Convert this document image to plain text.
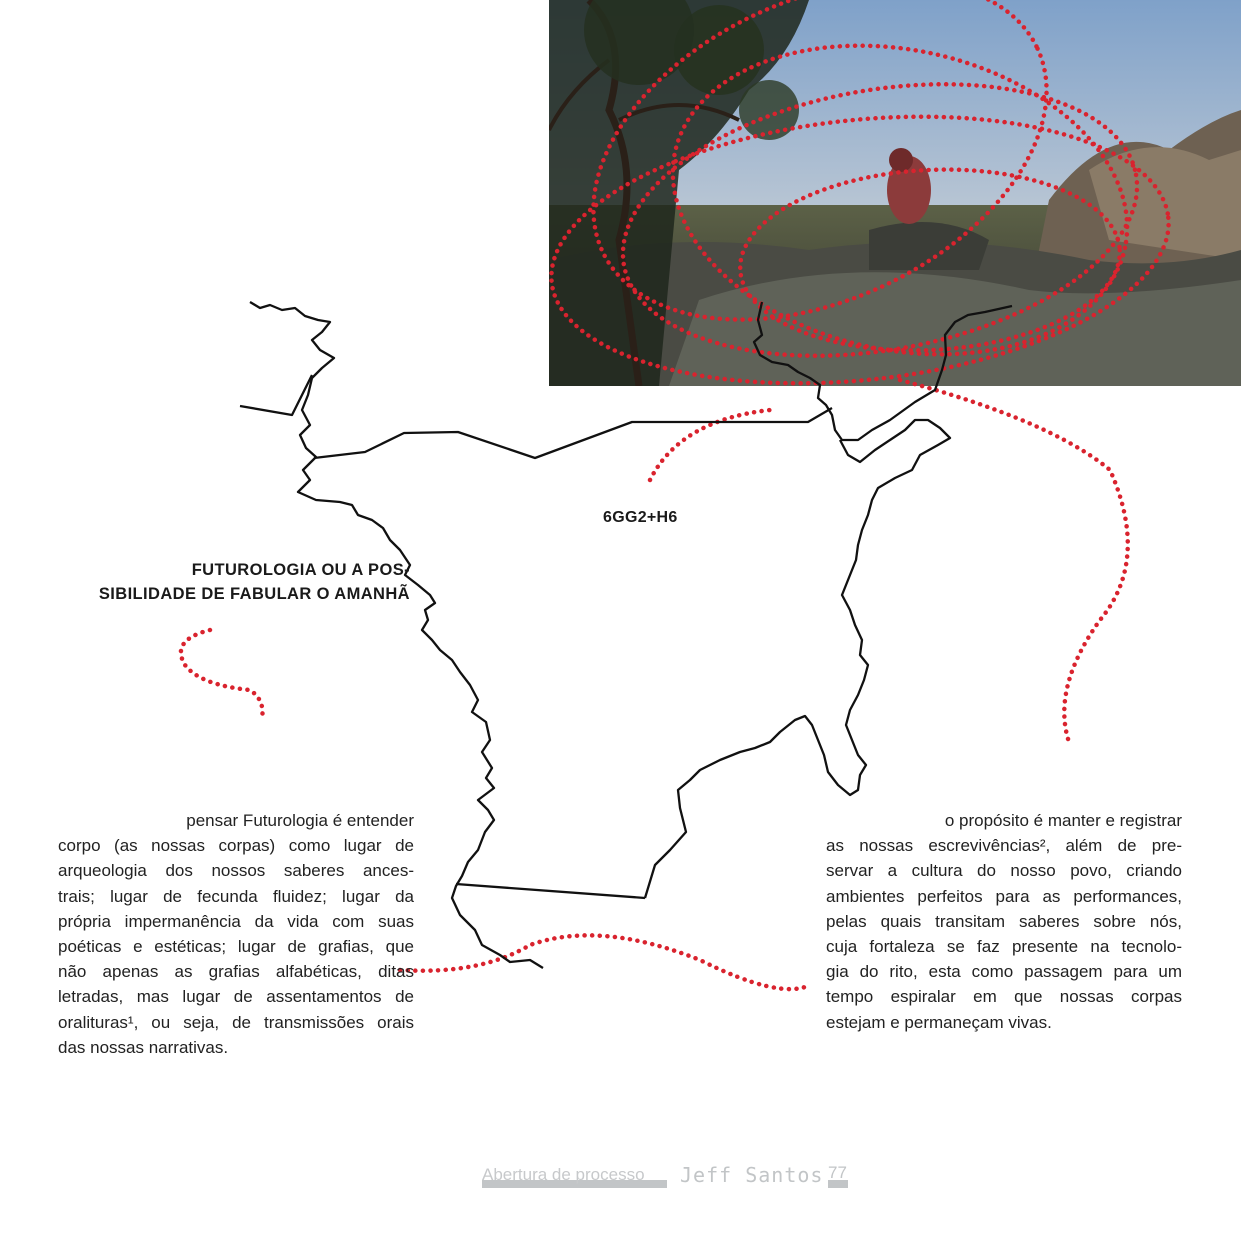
6GG2+H6
FUTUROLOGIA OU A POS-
SIBILIDADE DE FABULAR O AMANHÃ
pensar Futurologia é entender
corpo (as nossas corpas) como lugar de
arqueologia dos nossos saberes ances-
trais; lugar de fecunda fluidez; lugar da
própria impermanência da vida com suas
poéticas e estéticas; lugar de grafias, que
não apenas as grafias alfabéticas, ditas
letradas, mas lugar de assentamentos de
oralituras¹, ou seja, de transmissões orais
das nossas narrativas.
o propósito é manter e registrar
as nossas escrevivências², além de pre-
servar a cultura do nosso povo, criando
ambientes perfeitos para as performances,
pelas quais transitam saberes sobre nós,
cuja fortaleza se faz presente na tecnolo-
gia do rito, esta como passagem para um
tempo espiralar em que nossas corpas
estejam e permaneçam vivas.
Abertura de processo Jeff Santos 77
